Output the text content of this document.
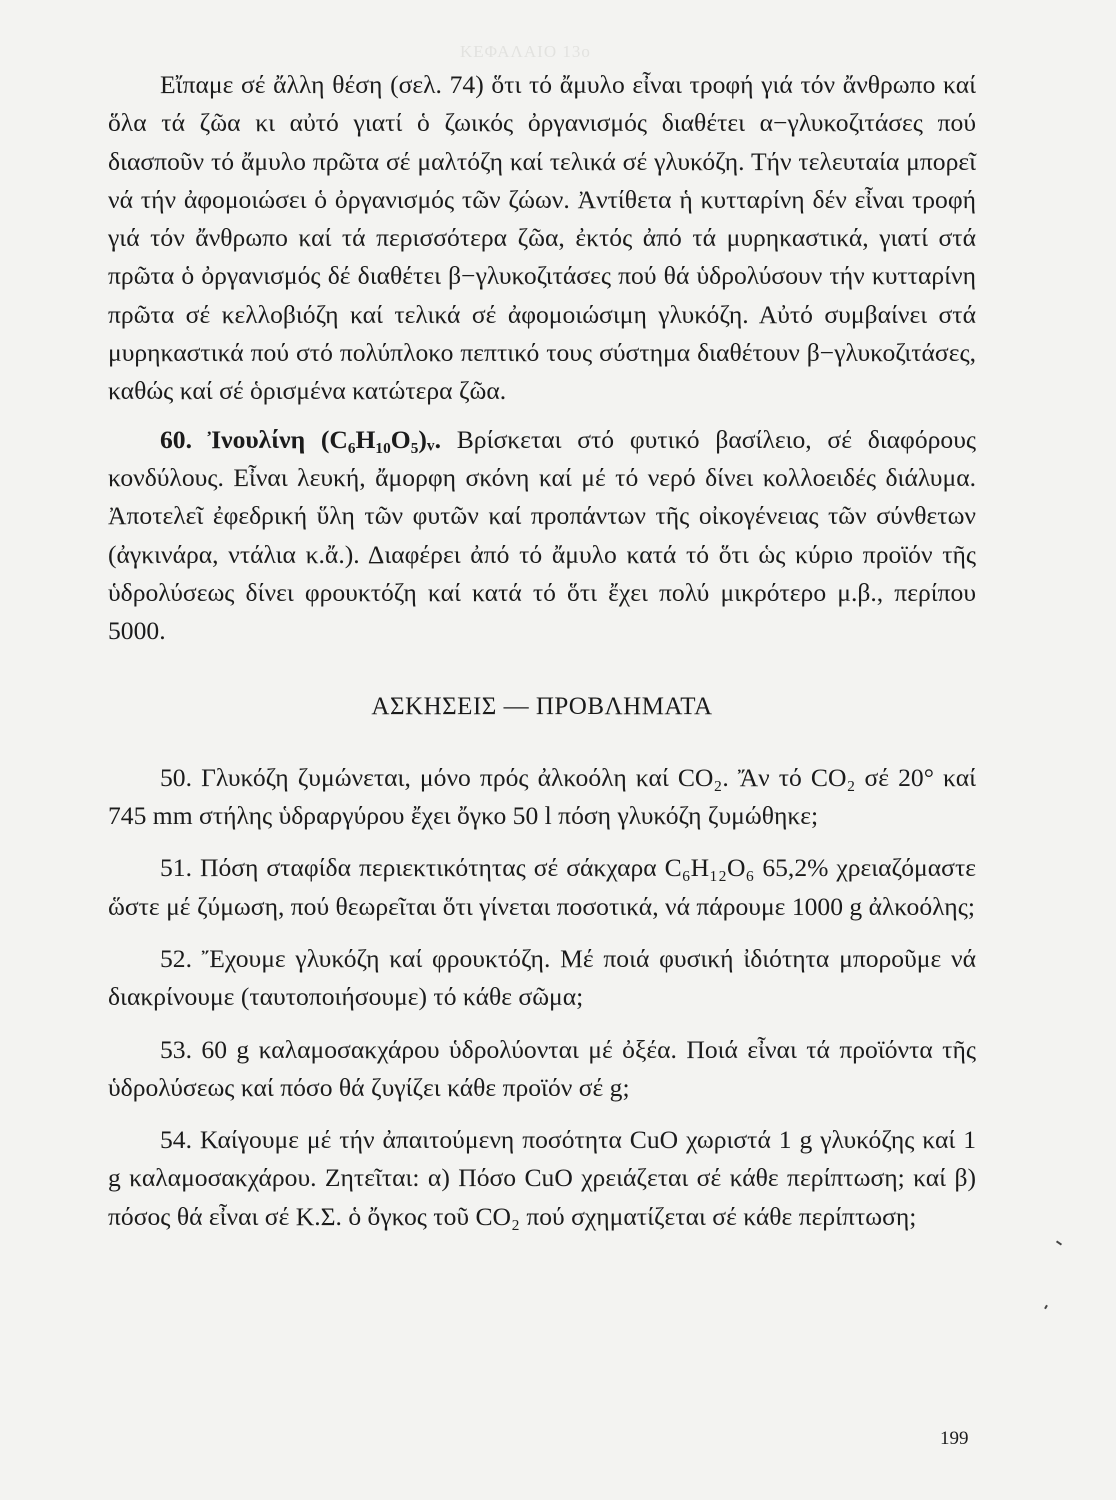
ΚΕΦΑΛΑΙΟ 13ο

Εἴπαμε σέ ἄλλη θέση (σελ. 74) ὅτι τό ἄμυλο εἶναι τροφή γιά τόν ἄνθρωπο καί ὅλα τά ζῶα κι αὐτό γιατί ὁ ζωικός ὀργανισμός διαθέτει α−γλυκοζιτάσες πού διασποῦν τό ἄμυλο πρῶτα σέ μαλτόζη καί τελικά σέ γλυκόζη. Τήν τελευταία μπορεῖ νά τήν ἀφομοιώσει ὁ ὀργανισμός τῶν ζώων. Ἀντίθετα ἡ κυτταρίνη δέν εἶναι τροφή γιά τόν ἄνθρωπο καί τά περισσότερα ζῶα, ἐκτός ἀπό τά μυρηκαστικά, γιατί στά πρῶτα ὁ ὀργανισμός δέ διαθέτει β−γλυκοζιτάσες πού θά ὑδρολύσουν τήν κυτταρίνη πρῶτα σέ κελλοβιόζη καί τελικά σέ ἀφομοιώσιμη γλυκόζη. Αὐτό συμβαίνει στά μυρηκαστικά πού στό πολύπλοκο πεπτικό τους σύστημα διαθέτουν β−γλυκοζιτάσες, καθώς καί σέ ὁρισμένα κατώτερα ζῶα.

60. Ἰνουλίνη (C₆H₁₀O₅)ᵥ. Βρίσκεται στό φυτικό βασίλειο, σέ διαφόρους κονδύλους. Εἶναι λευκή, ἄμορφη σκόνη καί μέ τό νερό δίνει κολλοειδές διάλυμα. Ἀποτελεῖ ἐφεδρική ὕλη τῶν φυτῶν καί προπάντων τῆς οἰκογένειας τῶν σύνθετων (ἀγκινάρα, ντάλια κ.ἄ.). Διαφέρει ἀπό τό ἄμυλο κατά τό ὅτι ὡς κύριο προϊόν τῆς ὑδρολύσεως δίνει φρουκτόζη καί κατά τό ὅτι ἔχει πολύ μικρότερο μ.β., περίπου 5000.

ΑΣΚΗΣΕΙΣ — ΠΡΟΒΛΗΜΑΤΑ

50. Γλυκόζη ζυμώνεται, μόνο πρός ἀλκοόλη καί CO₂. Ἄν τό CO₂ σέ 20° καί 745 mm στήλης ὑδραργύρου ἔχει ὄγκο 50 l πόση γλυκόζη ζυμώθηκε;

51. Πόση σταφίδα περιεκτικότητας σέ σάκχαρα C₆H₁₂O₆ 65,2% χρειαζόμαστε ὥστε μέ ζύμωση, πού θεωρεῖται ὅτι γίνεται ποσοτικά, νά πάρουμε 1000 g ἀλκοόλης;

52. Ἔχουμε γλυκόζη καί φρουκτόζη. Μέ ποιά φυσική ἰδιότητα μποροῦμε νά διακρίνουμε (ταυτοποιήσουμε) τό κάθε σῶμα;

53. 60 g καλαμοσακχάρου ὑδρολύονται μέ ὀξέα. Ποιά εἶναι τά προϊόντα τῆς ὑδρολύσεως καί πόσο θά ζυγίζει κάθε προϊόν σέ g;

54. Καίγουμε μέ τήν ἀπαιτούμενη ποσότητα CuO χωριστά 1 g γλυκόζης καί 1 g καλαμοσακχάρου. Ζητεῖται: α) Πόσο CuO χρειάζεται σέ κάθε περίπτωση; καί β) πόσος θά εἶναι σέ Κ.Σ. ὁ ὄγκος τοῦ CO₂ πού σχηματίζεται σέ κάθε περίπτωση;

199
